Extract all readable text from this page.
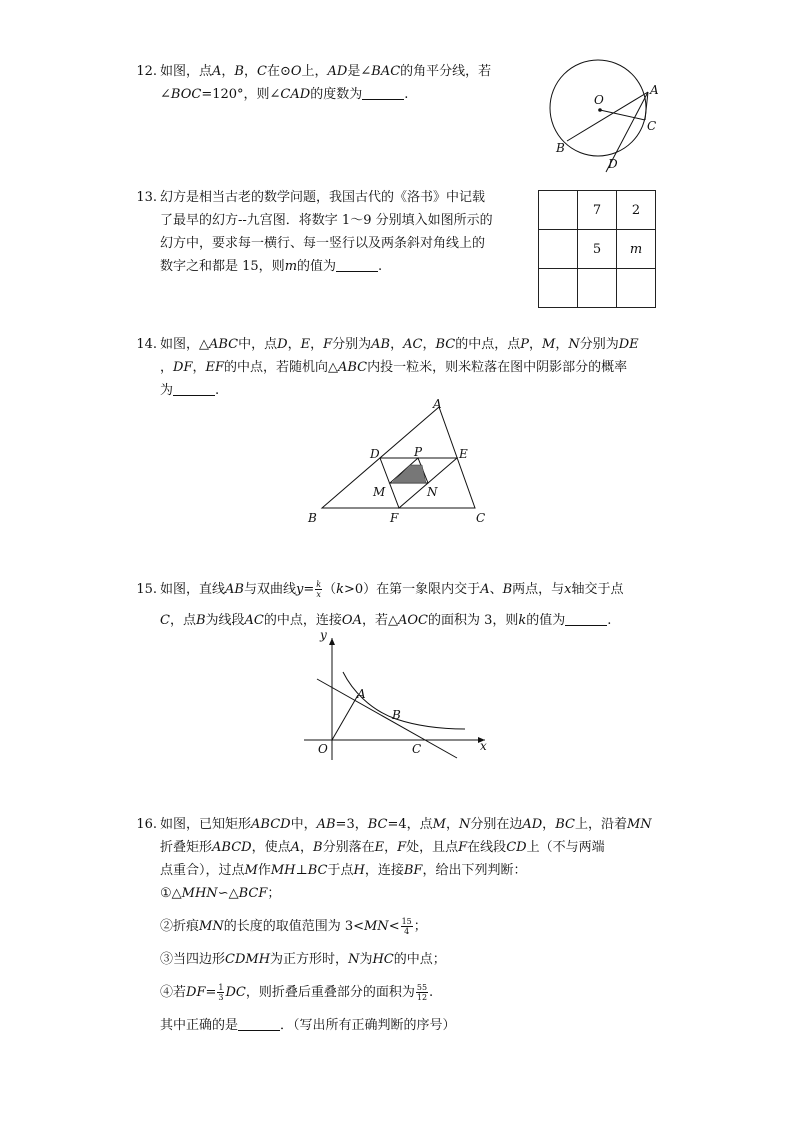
12. 如图，点A，B，C在⊙O上，AD是∠BAC的角平分线，若
∠BOC=120°，则∠CAD的度数为	.	A
B
C
D
O
13. 幻方是相当古老的数学问题，我国古代的《洛书》中记载
了最早的幻方--九宫图．将数字 1～9 分别填入如图所示的
幻方中，要求每一横行、每一竖行以及两条斜对角线上的
数字之和都是 15，则m的值为	.
	7	2
	5	m

14. 如图，△ABC中，点D，E，F分别为AB，AC，BC的中点，点P，M，N分别为DE
，DF，EF的中点，若随机向△ABC内投一粒米，则米粒落在图中阴影部分的概率
为	.
A
B	C
D	E
F
P
M	N
15. 如图，直线AB与双曲线$y= \frac{k}{x} (k>0)$在第一象限内交于A、B两点，与x轴交于点
C，点B为线段AC的中点，连接OA，若△AOC的面积为 3，则k的值为	.
y
x
O
A
B
C
16. 如图，已知矩形ABCD中，AB=3，BC=4，点M，N分别在边AD，BC上，沿着MN
折叠矩形ABCD，使点A，B分别落在E，F处，且点F在线段CD上（不与两端
点重合），过点M作MH⊥BC于点H，连接BF，给出下列判断：
①△MHN∽△BCF；
②折痕MN的长度的取值范围为 $3<MN< \frac{15}{4}$ ；
③当四边形CDMH为正方形时，N为HC的中点；
④若$DF= \frac{1}{3}$ DC，则折叠后重叠部分的面积为 $\frac{55}{12}$ .
其中正确的是	．（写出所有正确判断的序号）
